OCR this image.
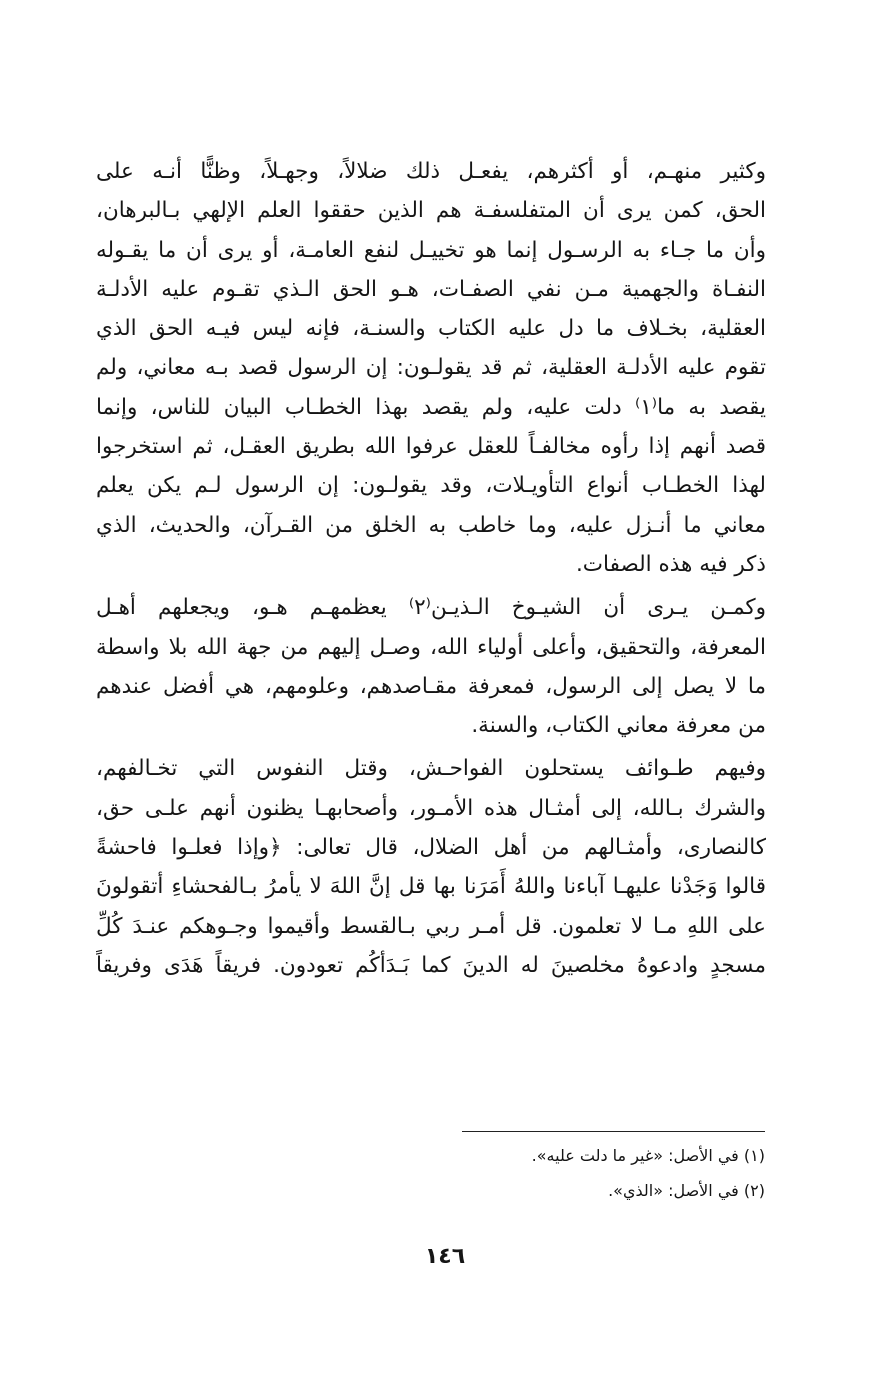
وكثير منهـم، أو أكثرهم، يفعـل ذلك ضلالاً، وجهـلاً، وظنًّا أنـه على
الحق، كمن يرى أن المتفلسفـة هم الذين حققوا العلم الإلهي بـالبرهان،
وأن ما جـاء به الرسـول إنما هو تخييـل لنفع العامـة، أو يرى أن ما يقـوله
النفـاة والجهمية مـن نفي الصفـات، هـو الحق الـذي تقـوم عليه الأدلـة
العقلية، بخـلاف ما دل عليه الكتاب والسنـة، فإنه ليس فيـه الحق الذي
تقوم عليه الأدلـة العقلية، ثم قد يقولـون: إن الرسول قصد بـه معاني، ولم
يقصد به ما⁽١⁾ دلت عليه، ولم يقصد بهذا الخطـاب البيان للناس، وإنما
قصد أنهم إذا رأوه مخالفـاً للعقل عرفوا الله بطريق العقـل، ثم استخرجوا
لهذا الخطـاب أنواع التأويـلات، وقد يقولـون: إن الرسول لـم يكن يعلم
معاني ما أنـزل عليه، وما خاطب به الخلق من القـرآن، والحديث، الذي
ذكر فيه هذه الصفات.
وكمـن يـرى أن الشيـوخ الـذيـن⁽٢⁾ يعظمهـم هـو، ويجعلهم أهـل
المعرفة، والتحقيق، وأعلى أولياء الله، وصـل إليهم من جهة الله بلا واسطة
ما لا يصل إلى الرسول، فمعرفة مقـاصدهم، وعلومهم، هي أفضل عندهم
من معرفة معاني الكتاب، والسنة.
وفيهم طـوائف يستحلون الفواحـش، وقتل النفوس التي تخـالفهم،
والشرك بـالله، إلى أمثـال هذه الأمـور، وأصحابهـا يظنون أنهم علـى حق،
كالنصارى، وأمثـالهم من أهل الضلال، قال تعالى: ﴿وإذا فعلـوا فاحشةً
قالوا وَجَدْنا عليهـا آباءنا واللهُ أَمَرَنا بها قل إنَّ اللهَ لا يأمرُ بـالفحشاءِ أتقولونَ
على اللهِ مـا لا تعلمون. قل أمـر ربي بـالقسط وأقيموا وجـوهكم عنـدَ كُلِّ
مسجدٍ وادعوهُ مخلصينَ له الدينَ كما بَـدَأكُم تعودون. فريقاً هَدَى وفريقاً
(١) في الأصل: «غير ما دلت عليه».
(٢) في الأصل: «الذي».
١٤٦
